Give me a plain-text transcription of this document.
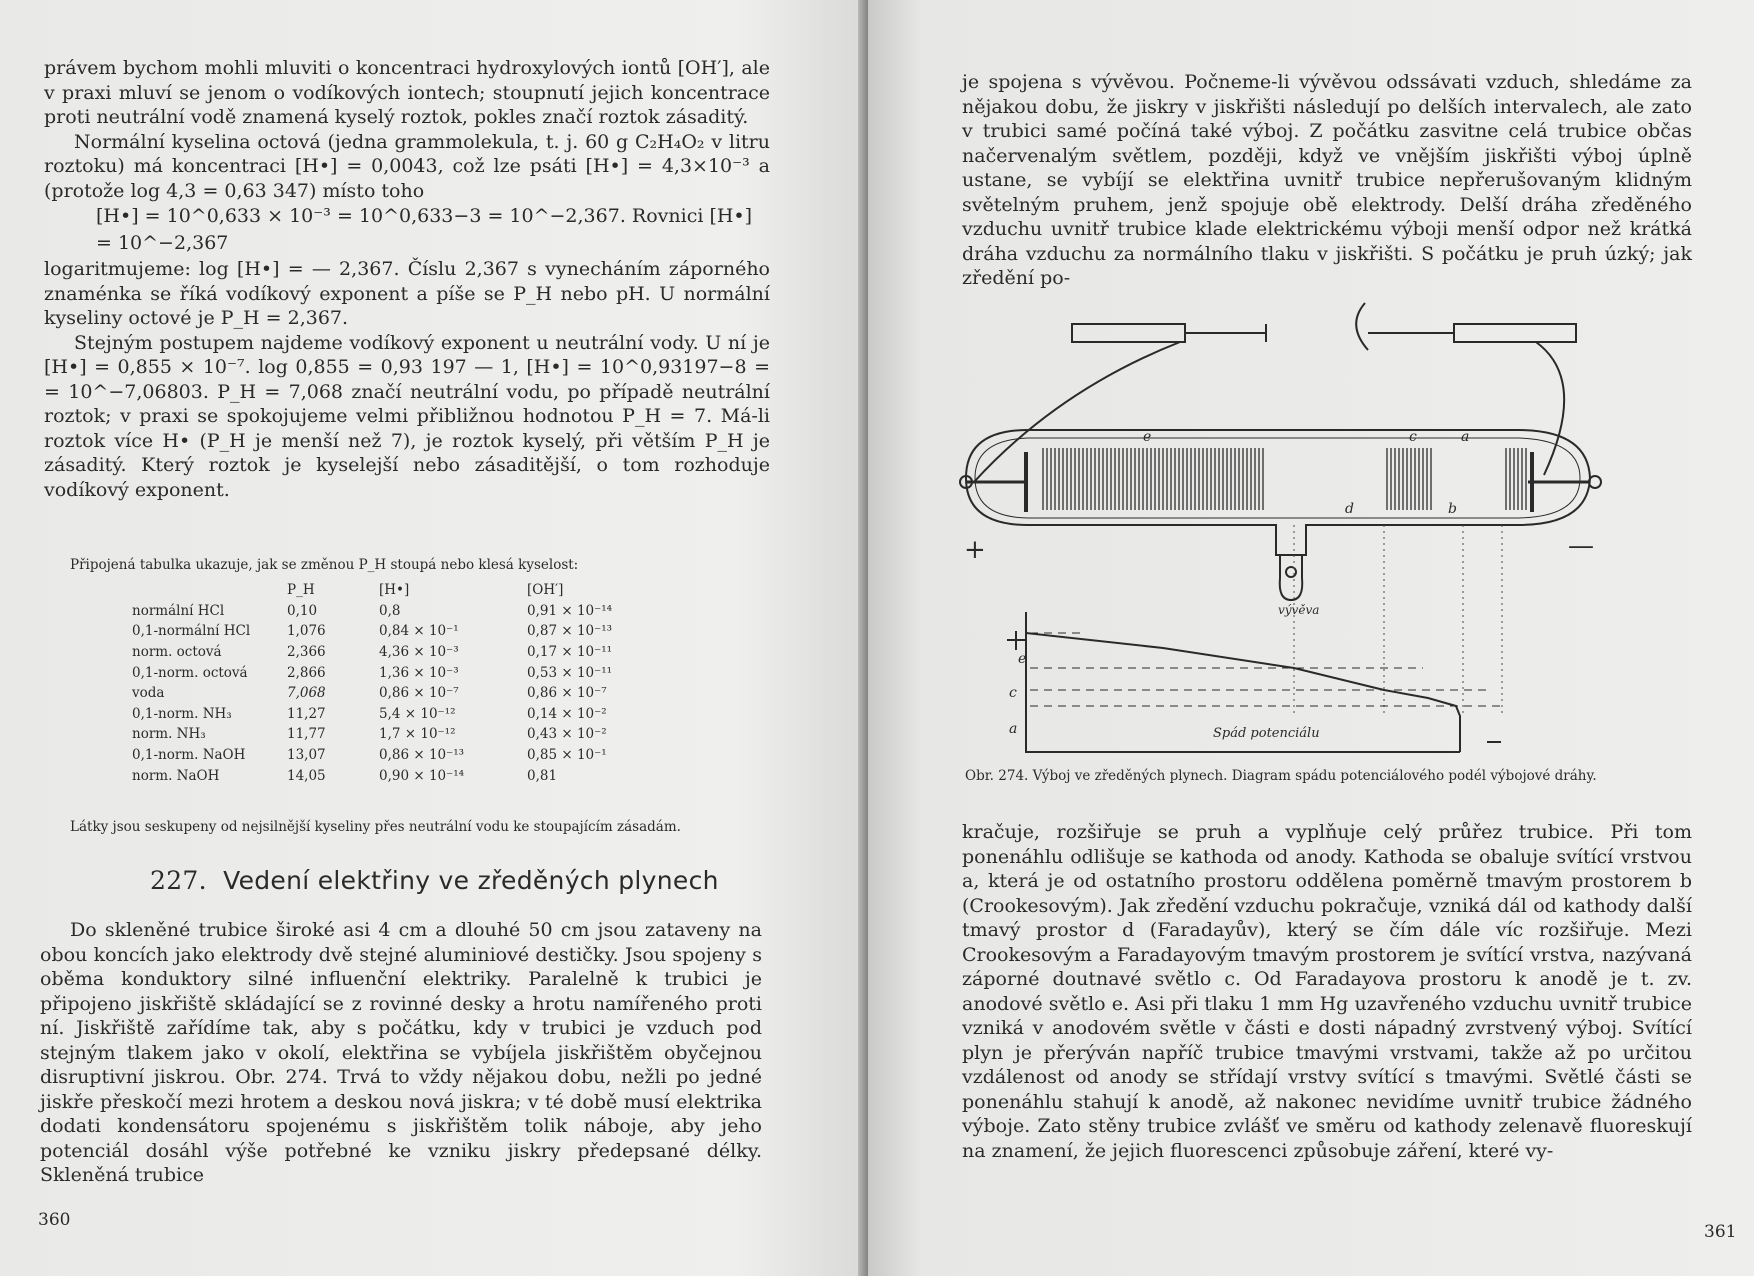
právem bychom mohli mluviti o koncentraci hydroxylových iontů [OH′], ale v praxi mluví se jenom o vodíkových iontech; stoupnutí jejich koncentrace proti neutrální vodě znamená kyselý roztok, pokles značí roztok zásaditý.

Normální kyselina octová (jedna grammolekula, t. j. 60 g C₂H₄O₂ v litru roztoku) má koncentraci [H•] = 0,0043, což lze psáti [H•] = 4,3×10⁻³ a (protože log 4,3 = 0,63 347) místo toho

[H•] = 10^0,633 × 10⁻³ = 10^0,633−3 = 10^−2,367. Rovnici [H•] = 10^−2,367

logaritmujeme: log [H•] = — 2,367. Číslu 2,367 s vynecháním záporného znaménka se říká vodíkový exponent a píše se P_H nebo pH. U normální kyseliny octové je P_H = 2,367.

Stejným postupem najdeme vodíkový exponent u neutrální vody. U ní je [H•] = 0,855 × 10⁻⁷. log 0,855 = 0,93 197 — 1, [H•] = 10^0,93197−8 = = 10^−7,06803. P_H = 7,068 značí neutrální vodu, po případě neutrální roztok; v praxi se spokojujeme velmi přibližnou hodnotou P_H = 7. Má-li roztok více H• (P_H je menší než 7), je roztok kyselý, při větším P_H je zásaditý. Který roztok je kyselejší nebo zásaditější, o tom rozhoduje vodíkový exponent.

Připojená tabulka ukazuje, jak se změnou P_H stoupá nebo klesá kyselost:

	P_H	[H•]	[OH′]
normální HCl	0,10	0,8	0,91 × 10⁻¹⁴
0,1-normální HCl	1,076	0,84 × 10⁻¹	0,87 × 10⁻¹³
norm. octová	2,366	4,36 × 10⁻³	0,17 × 10⁻¹¹
0,1-norm. octová	2,866	1,36 × 10⁻³	0,53 × 10⁻¹¹
voda	7,068	0,86 × 10⁻⁷	0,86 × 10⁻⁷
0,1-norm. NH₃	11,27	5,4 × 10⁻¹²	0,14 × 10⁻²
norm. NH₃	11,77	1,7 × 10⁻¹²	0,43 × 10⁻²
0,1-norm. NaOH	13,07	0,86 × 10⁻¹³	0,85 × 10⁻¹
norm. NaOH	14,05	0,90 × 10⁻¹⁴	0,81

Látky jsou seskupeny od nejsilnější kyseliny přes neutrální vodu ke stoupajícím zásadám.

227. Vedení elektřiny ve zředěných plynech

Do skleněné trubice široké asi 4 cm a dlouhé 50 cm jsou zataveny na obou koncích jako elektrody dvě stejné aluminiové destičky. Jsou spojeny s oběma konduktory silné influenční elektriky. Paralelně k trubici je připojeno jiskřiště skládající se z rovinné desky a hrotu namířeného proti ní. Jiskřiště zařídíme tak, aby s počátku, kdy v trubici je vzduch pod stejným tlakem jako v okolí, elektřina se vybíjela jiskřištěm obyčejnou disruptivní jiskrou. Obr. 274. Trvá to vždy nějakou dobu, nežli po jedné jiskře přeskočí mezi hrotem a deskou nová jiskra; v té době musí elektrika dodati kondensátoru spojenému s jiskřištěm tolik náboje, aby jeho potenciál dosáhl výše potřebné ke vzniku jiskry předepsané délky. Skleněná trubice

360

je spojena s vývěvou. Počneme-li vývěvou odssávati vzduch, shledáme za nějakou dobu, že jiskry v jiskřišti následují po delších intervalech, ale zato v trubici samé počíná také výboj. Z počátku zasvitne celá trubice občas načervenalým světlem, později, když ve vnějším jiskřišti výboj úplně ustane, se vybíjí se elektřina uvnitř trubice nepřerušovaným klidným světelným pruhem, jenž spojuje obě elektrody. Delší dráha zředěného vzduchu uvnitř trubice klade elektrickému výboji menší odpor než krátká dráha vzduchu za normálního tlaku v jiskřišti. S počátku je pruh úzký; jak zředění po-

e	c	a
d	b
e
c
a
vývěva
Spád potenciálu
+	—
Obr. 274. Výboj ve zředěných plynech. Diagram spádu potenciálového podél výbojové dráhy.

kračuje, rozšiřuje se pruh a vyplňuje celý průřez trubice. Při tom ponenáhlu odlišuje se kathoda od anody. Kathoda se obaluje svítící vrstvou a, která je od ostatního prostoru oddělena poměrně tmavým prostorem b (Crookesovým). Jak zředění vzduchu pokračuje, vzniká dál od kathody další tmavý prostor d (Faradayův), který se čím dále víc rozšiřuje. Mezi Crookesovým a Faradayovým tmavým prostorem je svítící vrstva, nazývaná záporné doutnavé světlo c. Od Faradayova prostoru k anodě je t. zv. anodové světlo e. Asi při tlaku 1 mm Hg uzavřeného vzduchu uvnitř trubice vzniká v anodovém světle v části e dosti nápadný zvrstvený výboj. Svítící plyn je přerýván napříč trubice tmavými vrstvami, takže až po určitou vzdálenost od anody se střídají vrstvy svítící s tmavými. Světlé části se ponenáhlu stahují k anodě, až nakonec nevidíme uvnitř trubice žádného výboje. Zato stěny trubice zvlášť ve směru od kathody zelenavě fluoreskují na znamení, že jejich fluorescenci způsobuje záření, které vy-

361
